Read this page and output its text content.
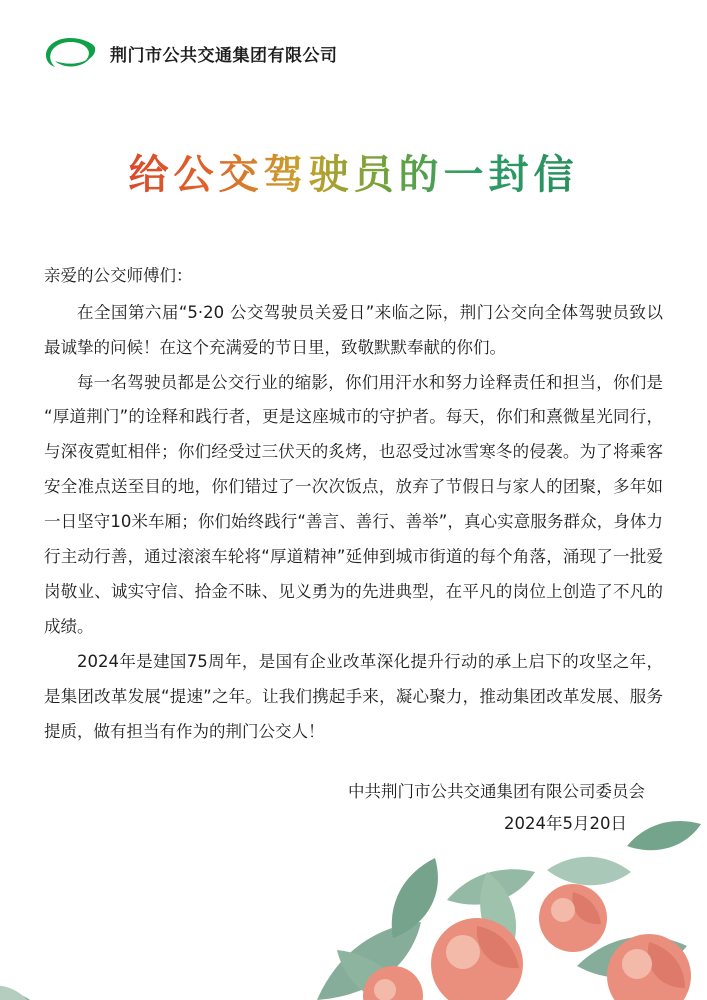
荆门市公共交通集团有限公司
给公交驾驶员的一封信

亲爱的公交师傅们：

在全国第六届“5·20 公交驾驶员关爱日”来临之际，荆门公交向全体驾驶员致以最诚挚的问候！在这个充满爱的节日里，致敬默默奉献的你们。

每一名驾驶员都是公交行业的缩影，你们用汗水和努力诠释责任和担当，你们是“厚道荆门”的诠释和践行者，更是这座城市的守护者。每天，你们和熹微星光同行，与深夜霓虹相伴；你们经受过三伏天的炙烤，也忍受过冰雪寒冬的侵袭。为了将乘客安全准点送至目的地，你们错过了一次次饭点，放弃了节假日与家人的团聚，多年如一日坚守10米车厢；你们始终践行“善言、善行、善举”，真心实意服务群众，身体力行主动行善，通过滚滚车轮将“厚道精神”延伸到城市街道的每个角落，涌现了一批爱岗敬业、诚实守信、拾金不昧、见义勇为的先进典型，在平凡的岗位上创造了不凡的成绩。

2024年是建国75周年，是国有企业改革深化提升行动的承上启下的攻坚之年，是集团改革发展“提速”之年。让我们携起手来，凝心聚力，推动集团改革发展、服务提质，做有担当有作为的荆门公交人！

中共荆门市公共交通集团有限公司委员会
2024年5月20日
